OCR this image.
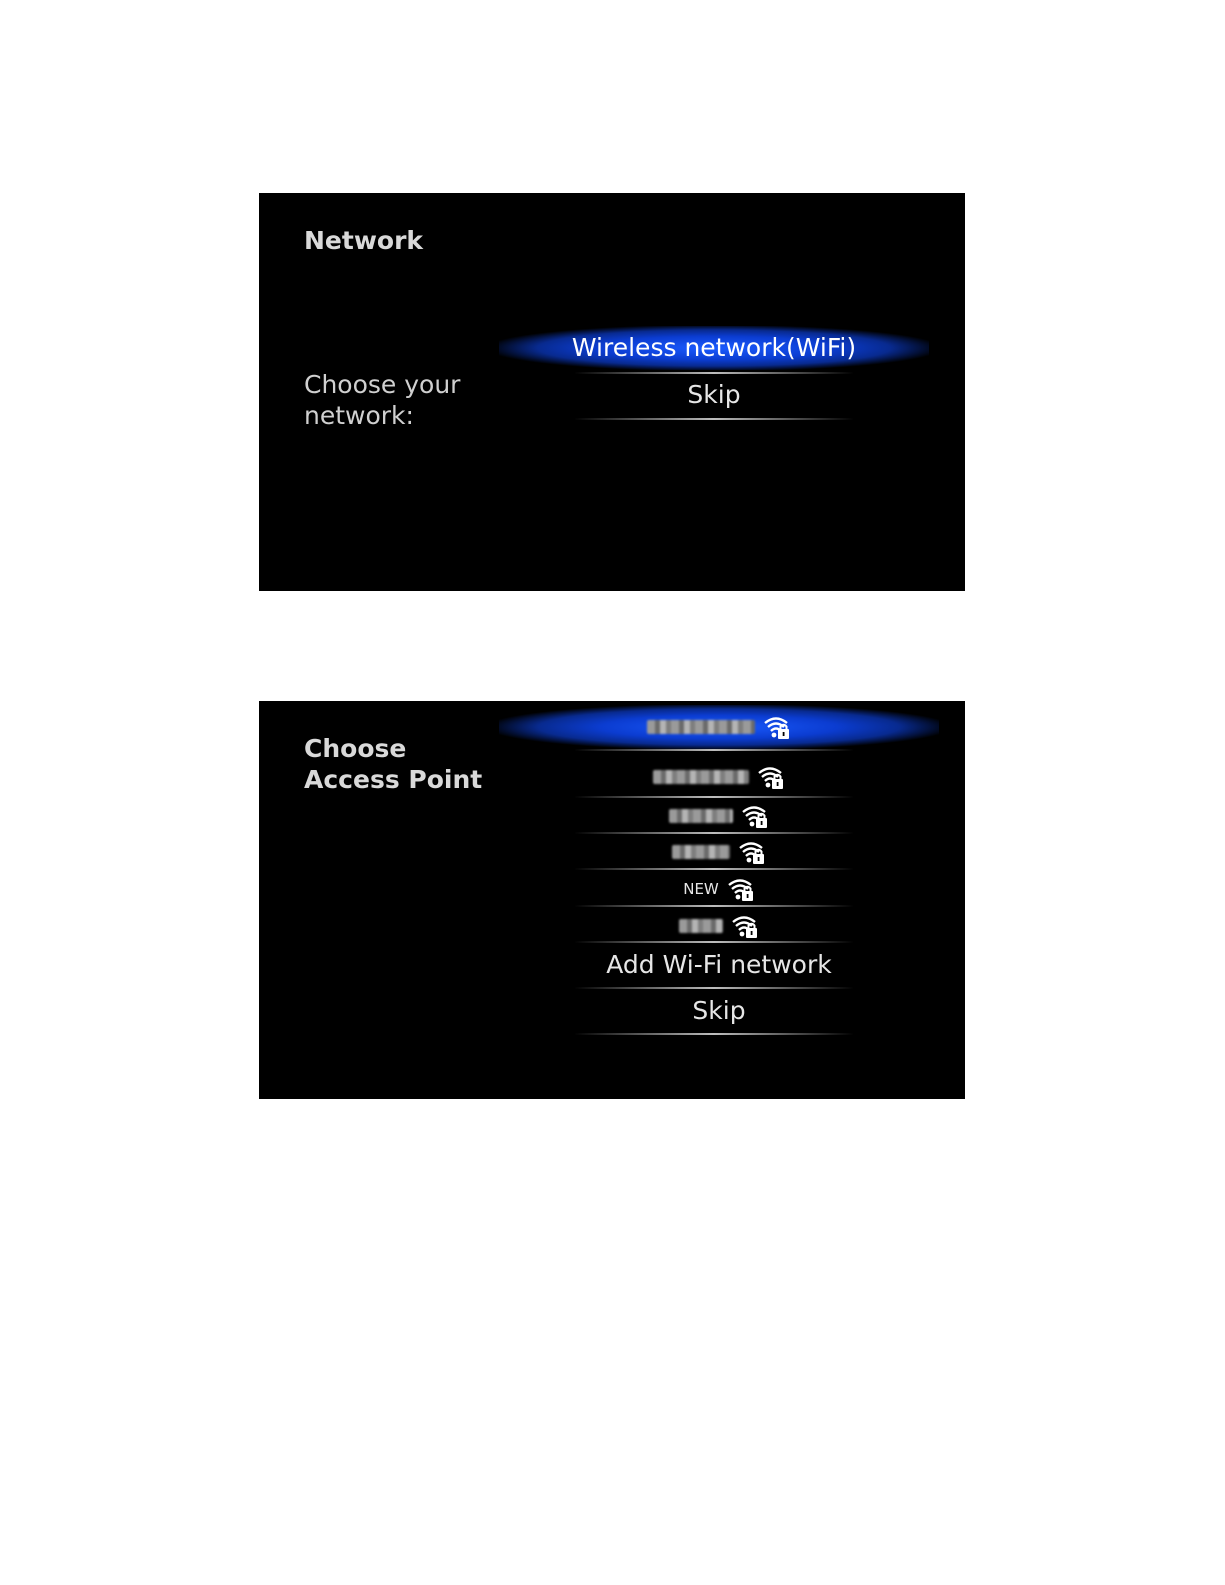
Network
Choose your
network:
Wireless network(WiFi)
Skip
Choose
Access Point
NEW
Add Wi-Fi network
Skip
